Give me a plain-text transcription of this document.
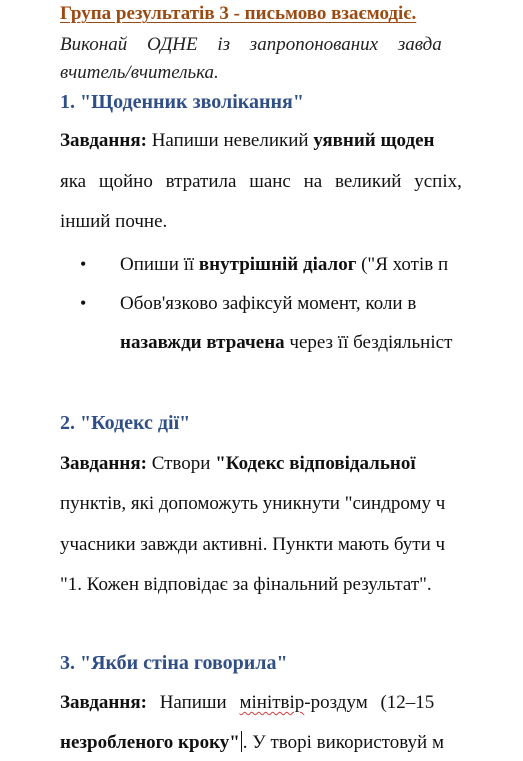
Група результатів 3 - письмово взаємодіє.
Виконай ОДНЕ із запропонованих завда
вчитель/вчителька.
1. "Щоденник зволікання"
Завдання: Напиши невеликий уявний щоден
яка щойно втратила шанс на великий успіх,
інший почне.
• Опиши її внутрішній діалог ("Я хотів п
• Обов'язково зафіксуй момент, коли в
назавжди втрачена через її бездіяльніст
2. "Кодекс дії"
Завдання: Створи "Кодекс відповідальної
пунктів, які допоможуть уникнути "синдрому ч
учасники завжди активні. Пункти мають бути ч
"1. Кожен відповідає за фінальний результат".
3. "Якби стіна говорила"
Завдання: Напиши мінітвір-роздум (12–15
незробленого кроку" . У творі використовуй м
